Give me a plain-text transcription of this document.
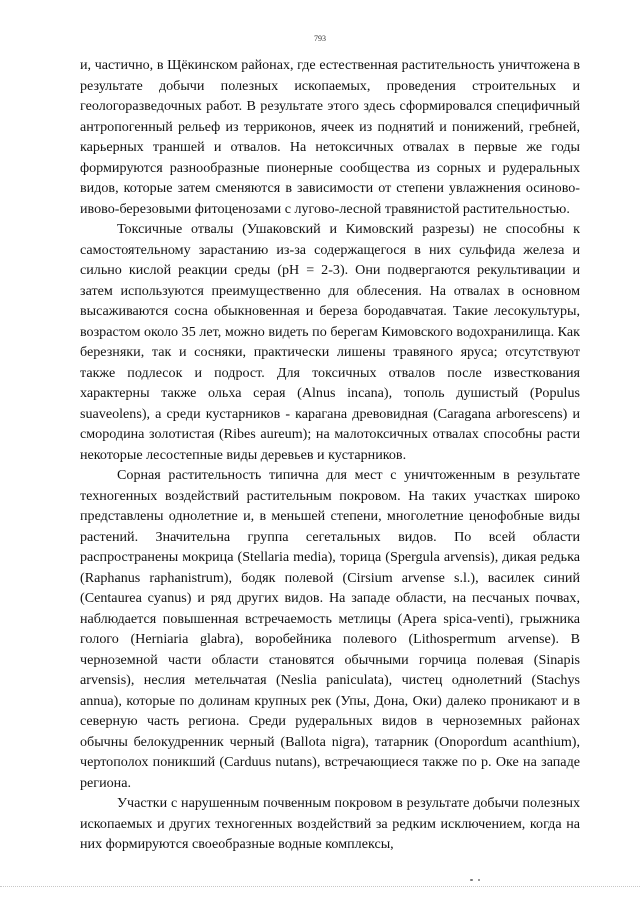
793

и, частично, в Щёкинском районах, где естественная растительность уничтожена в результате добычи полезных ископаемых, проведения строительных и геологоразведочных работ. В результате этого здесь сформировался специфичный антропогенный рельеф из терриконов, ячеек из поднятий и понижений, гребней, карьерных траншей и отвалов. На нетоксичных отвалах в первые же годы формируются разнообразные пионерные сообщества из сорных и рудеральных видов, которые затем сменяются в зависимости от степени увлажнения осиново-ивово-березовыми фитоценозами с лугово-лесной травянистой растительностью.

Токсичные отвалы (Ушаковский и Кимовский разрезы) не способны к самостоятельному зарастанию из-за содержащегося в них сульфида железа и сильно кислой реакции среды (pH = 2-3). Они подвергаются рекультивации и затем используются преимущественно для облесения. На отвалах в основном высаживаются сосна обыкновенная и береза бородавчатая. Такие лесокультуры, возрастом около 35 лет, можно видеть по берегам Кимовского водохранилища. Как березняки, так и сосняки, практически лишены травяного яруса; отсутствуют также подлесок и подрост. Для токсичных отвалов после известкования характерны также ольха серая (Alnus incana), тополь душистый (Populus suaveolens), а среди кустарников - карагана древовидная (Caragana arborescens) и смородина золотистая (Ribes aureum); на малотоксичных отвалах способны расти некоторые лесостепные виды деревьев и кустарников.

Сорная растительность типична для мест с уничтоженным в результате техногенных воздействий растительным покровом. На таких участках широко представлены однолетние и, в меньшей степени, многолетние ценофобные виды растений. Значительна группа сегетальных видов. По всей области распространены мокрица (Stellaria media), торица (Spergula arvensis), дикая редька (Raphanus raphanistrum), бодяк полевой (Cirsium arvense s.l.), василек синий (Centaurea cyanus) и ряд других видов. На западе области, на песчаных почвах, наблюдается повышенная встречаемость метлицы (Apera spica-venti), грыжника голого (Herniaria glabra), воробейника полевого (Lithospermum arvense). В черноземной части области становятся обычными горчица полевая (Sinapis arvensis), неслия метельчатая (Neslia paniculata), чистец однолетний (Stachys annua), которые по долинам крупных рек (Упы, Дона, Оки) далеко проникают и в северную часть региона. Среди рудеральных видов в черноземных районах обычны белокудренник черный (Ballota nigra), татарник (Onopordum acanthium), чертополох поникший (Carduus nutans), встречающиеся также по р. Оке на западе региона.

Участки с нарушенным почвенным покровом в результате добычи полезных ископаемых и других техногенных воздействий за редким исключением, когда на них формируются своеобразные водные комплексы,
